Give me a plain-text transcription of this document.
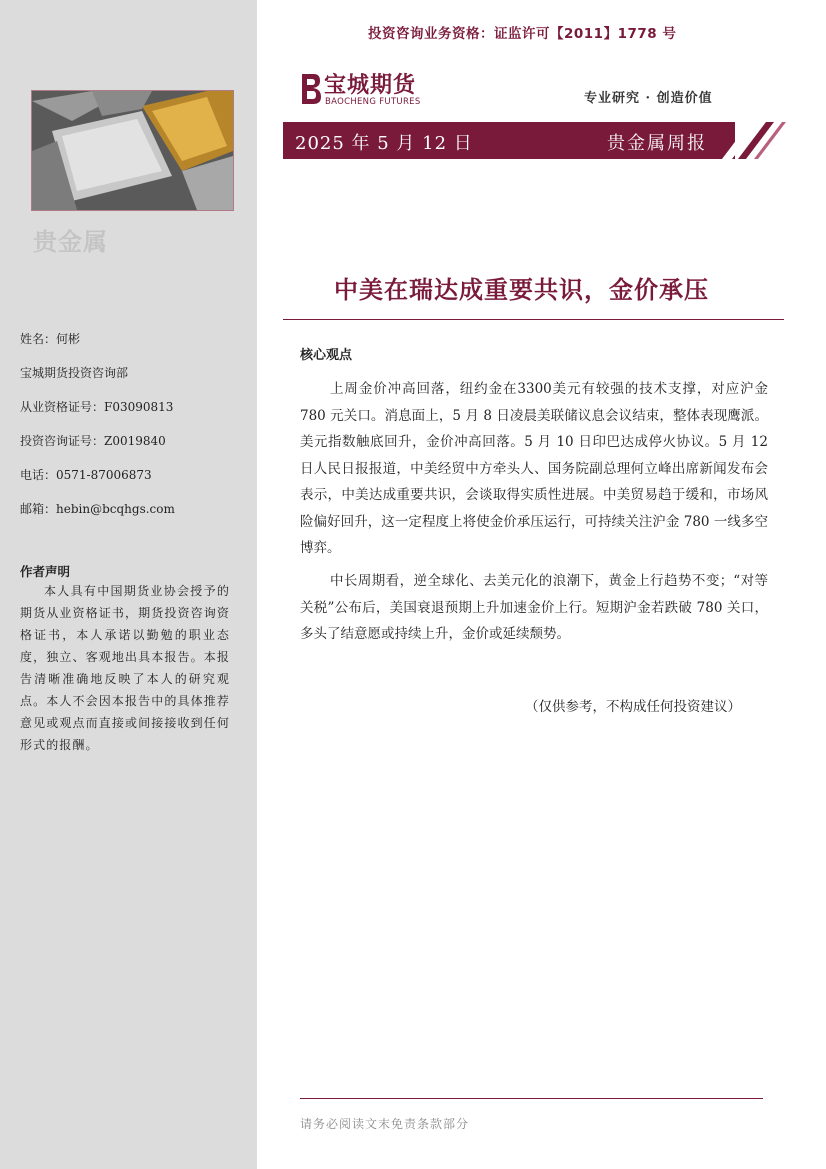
贵金属
姓名：何彬
宝城期货投资咨询部
从业资格证号：F03090813
投资咨询证号：Z0019840
电话：0571-87006873
邮箱：hebin@bcqhgs.com
作者声明
本人具有中国期货业协会授予的期货从业资格证书，期货投资咨询资格证书，本人承诺以勤勉的职业态度，独立、客观地出具本报告。本报告清晰准确地反映了本人的研究观点。本人不会因本报告中的具体推荐意见或观点而直接或间接接收到任何形式的报酬。
投资咨询业务资格：证监许可【2011】1778 号
宝城期货
BAOCHENG FUTURES	专业研究 · 创造价值
2025 年 5 月 12 日	贵金属周报
中美在瑞达成重要共识，金价承压
核心观点
上周金价冲高回落，纽约金在3300美元有较强的技术支撑，对应沪金 780 元关口。消息面上，5 月 8 日凌晨美联储议息会议结束，整体表现鹰派。美元指数触底回升，金价冲高回落。5 月 10 日印巴达成停火协议。5 月 12 日人民日报报道，中美经贸中方牵头人、国务院副总理何立峰出席新闻发布会表示，中美达成重要共识，会谈取得实质性进展。中美贸易趋于缓和，市场风险偏好回升，这一定程度上将使金价承压运行，可持续关注沪金 780 一线多空博弈。
中长周期看，逆全球化、去美元化的浪潮下，黄金上行趋势不变；“对等关税”公布后，美国衰退预期上升加速金价上行。短期沪金若跌破 780 关口，多头了结意愿或持续上升，金价或延续颓势。
（仅供参考，不构成任何投资建议）
请务必阅读文末免责条款部分
